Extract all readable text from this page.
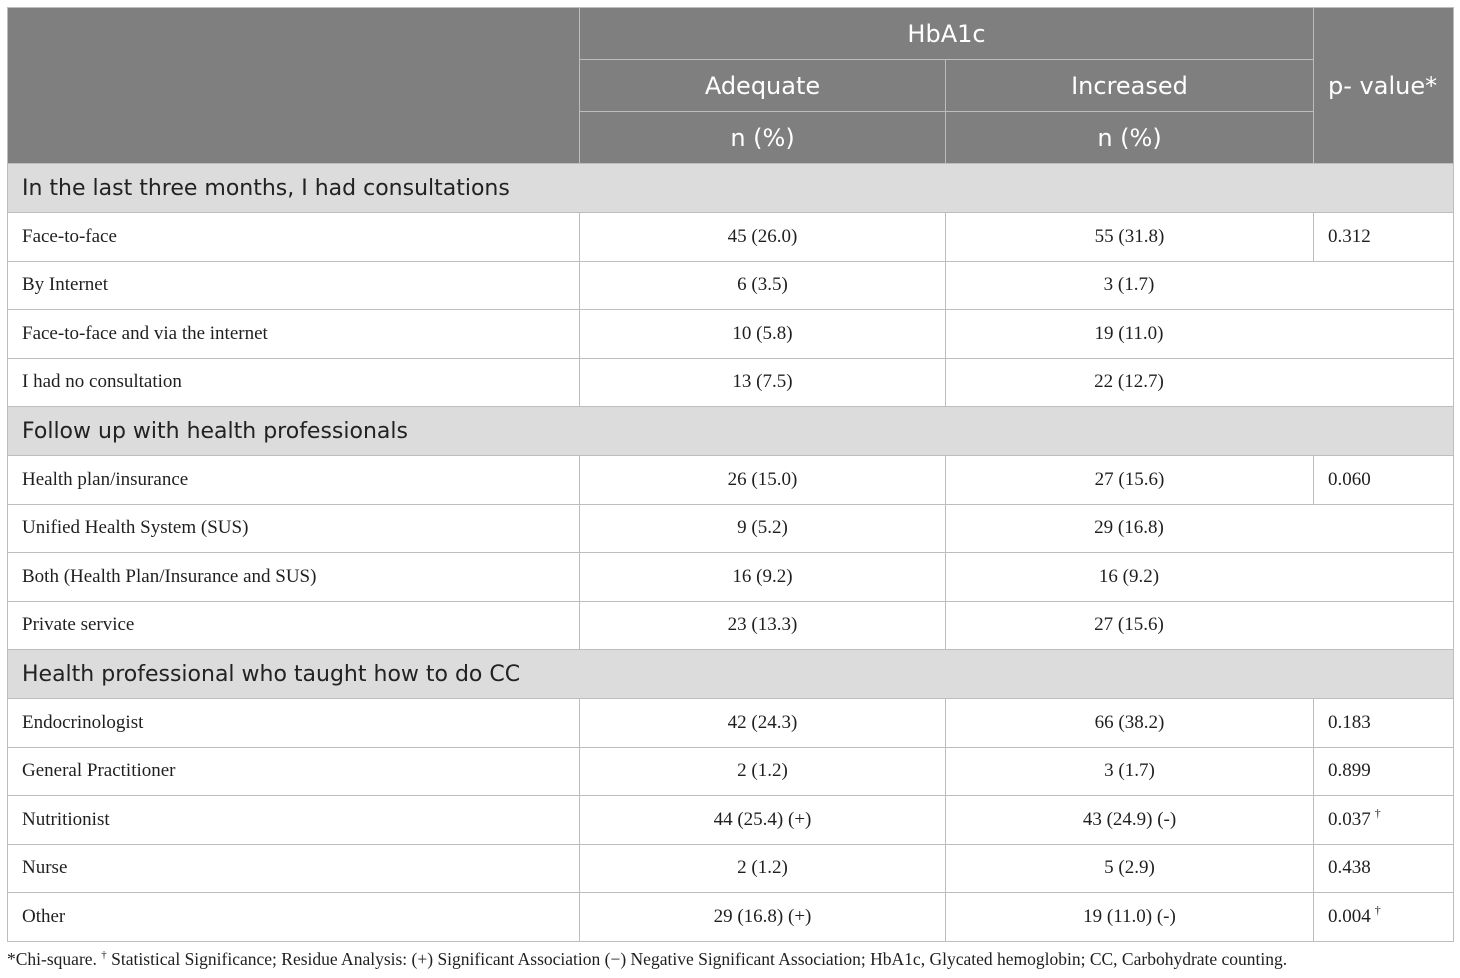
	HbA1c		p- value*
	Adequate	Increased	
	n (%)	n (%)	
In the last three months, I had consultations			
Face-to-face	45 (26.0)	55 (31.8)	0.312
By Internet	6 (3.5)	3 (1.7)	

Face-to-face and via the internet	10 (5.8)	19 (11.0)	

I had no consultation	13 (7.5)	22 (12.7)	

Follow up with health professionals			
Health plan/insurance	26 (15.0)	27 (15.6)	0.060
Unified Health System (SUS)	9 (5.2)	29 (16.8)	

Both (Health Plan/Insurance and SUS)	16 (9.2)	16 (9.2)	

Private service	23 (13.3)	27 (15.6)	

Health professional who taught how to do CC			
Endocrinologist	42 (24.3)	66 (38.2)	0.183
General Practitioner	2 (1.2)	3 (1.7)	0.899
Nutritionist	44 (25.4) (+)	43 (24.9) (-)	0.037 †
Nurse	2 (1.2)	5 (2.9)	0.438
Other	29 (16.8) (+)	19 (11.0) (-)	0.004 †
*Chi-square. † Statistical Significance; Residue Analysis: (+) Significant Association (−) Negative Significant Association; HbA1c, Glycated hemoglobin; CC, Carbohydrate counting.
